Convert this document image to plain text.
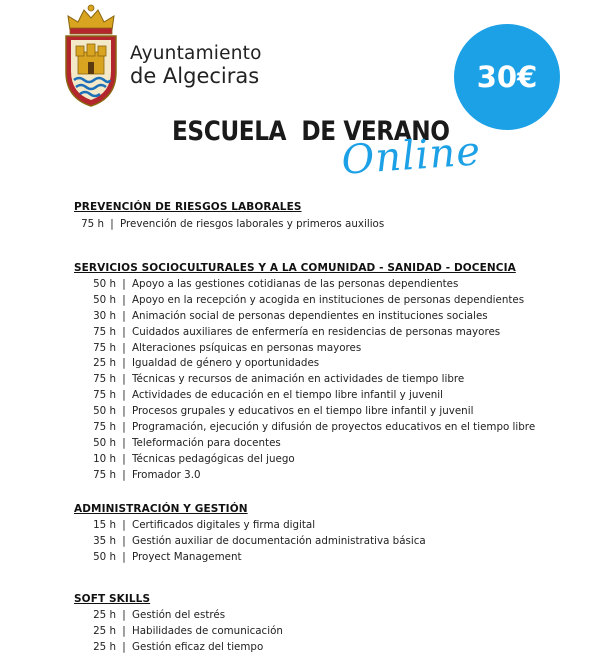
Ayuntamiento
de Algeciras	30€
ESCUELA  DE VERANO
Online
PREVENCIÓN DE RIESGOS LABORALES
75 h | Prevención de riesgos laborales y primeros auxilios
SERVICIOS SOCIOCULTURALES Y A LA COMUNIDAD - SANIDAD - DOCENCIA
50 h | Apoyo a las gestiones cotidianas de las personas dependientes
50 h | Apoyo en la recepción y acogida en instituciones de personas dependientes
30 h | Animación social de personas dependientes en instituciones sociales
75 h | Cuidados auxiliares de enfermería en residencias de personas mayores
75 h | Alteraciones psíquicas en personas mayores
25 h | Igualdad de género y oportunidades
75 h | Técnicas y recursos de animación en actividades de tiempo libre
75 h | Actividades de educación en el tiempo libre infantil y juvenil
50 h | Procesos grupales y educativos en el tiempo libre infantil y juvenil
75 h | Programación, ejecución y difusión de proyectos educativos en el tiempo libre
50 h | Teleformación para docentes
10 h | Técnicas pedagógicas del juego
75 h | Fromador 3.0
ADMINISTRACIÓN Y GESTIÓN
15 h | Certificados digitales y firma digital
35 h | Gestión auxiliar de documentación administrativa básica
50 h | Proyect Management
SOFT SKILLS
25 h | Gestión del estrés
25 h | Habilidades de comunicación
25 h | Gestión eficaz del tiempo
